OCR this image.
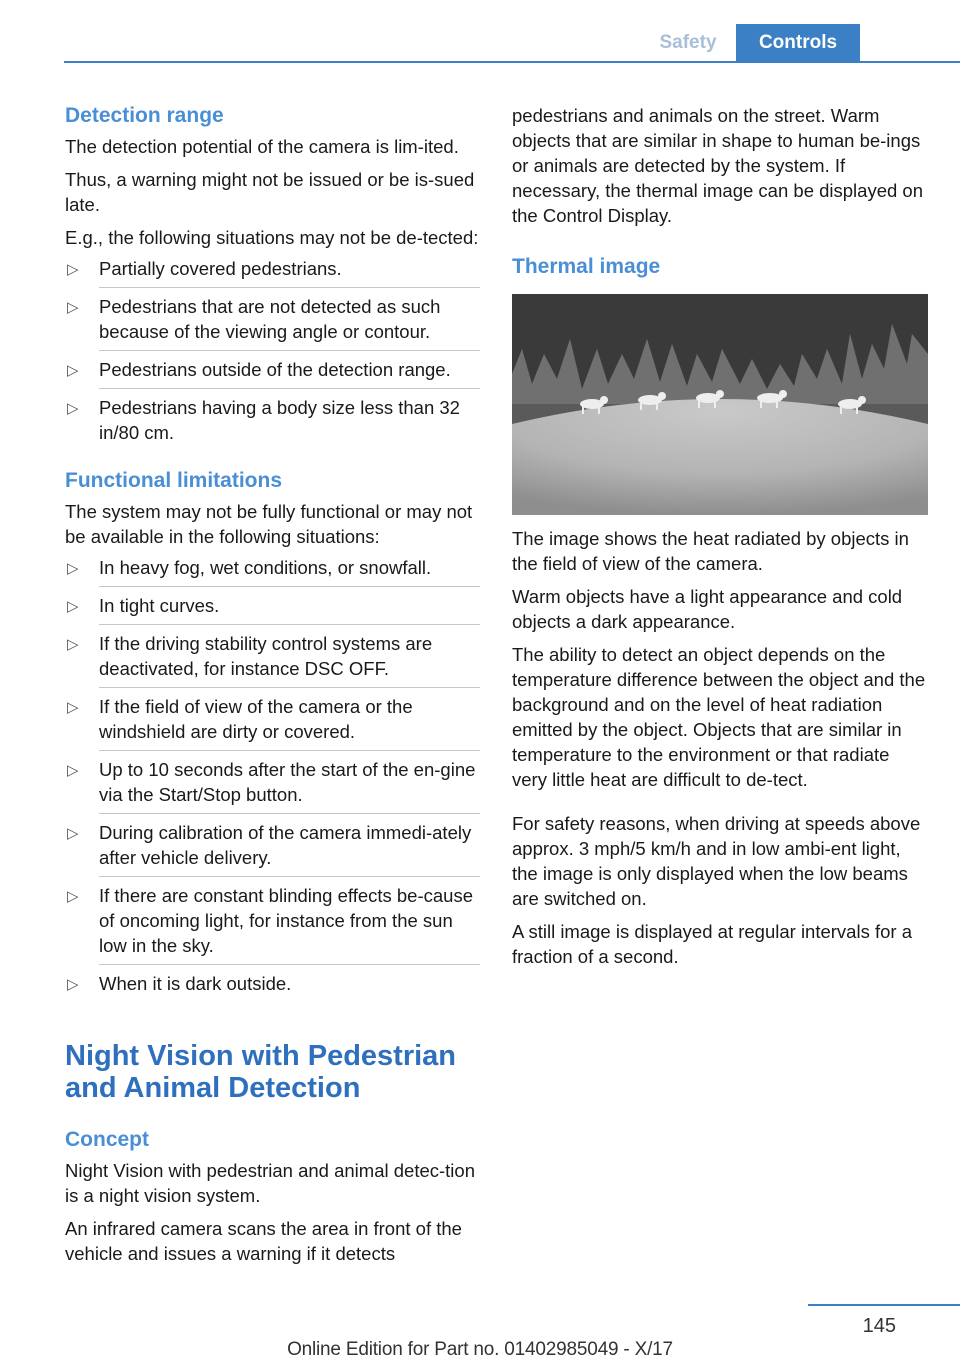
Safety	Controls
Detection range

The detection potential of the camera is lim‐ited.

Thus, a warning might not be issued or be is‐sued late.

E.g., the following situations may not be de‐tected:

▷ Partially covered pedestrians.
▷ Pedestrians that are not detected as such because of the viewing angle or contour.
▷ Pedestrians outside of the detection range.
▷ Pedestrians having a body size less than 32 in/80 cm.
Functional limitations

The system may not be fully functional or may not be available in the following situations:

▷ In heavy fog, wet conditions, or snowfall.
▷ In tight curves.
▷ If the driving stability control systems are deactivated, for instance DSC OFF.
▷ If the field of view of the camera or the windshield are dirty or covered.
▷ Up to 10 seconds after the start of the en‐gine via the Start/Stop button.
▷ During calibration of the camera immedi‐ately after vehicle delivery.
▷ If there are constant blinding effects be‐cause of oncoming light, for instance from the sun low in the sky.
▷ When it is dark outside.
Night Vision with Pedestrian and Animal Detection
Concept

Night Vision with pedestrian and animal detec‐tion is a night vision system.

An infrared camera scans the area in front of the vehicle and issues a warning if it detects

pedestrians and animals on the street. Warm objects that are similar in shape to human be‐ings or animals are detected by the system. If necessary, the thermal image can be displayed on the Control Display.

Thermal image

The image shows the heat radiated by objects in the field of view of the camera.

Warm objects have a light appearance and cold objects a dark appearance.

The ability to detect an object depends on the temperature difference between the object and the background and on the level of heat radiation emitted by the object. Objects that are similar in temperature to the environment or that radiate very little heat are difficult to de‐tect.

For safety reasons, when driving at speeds above approx. 3 mph/5 km/h and in low ambi‐ent light, the image is only displayed when the low beams are switched on.

A still image is displayed at regular intervals for a fraction of a second.

145
Online Edition for Part no. 01402985049 - X/17
